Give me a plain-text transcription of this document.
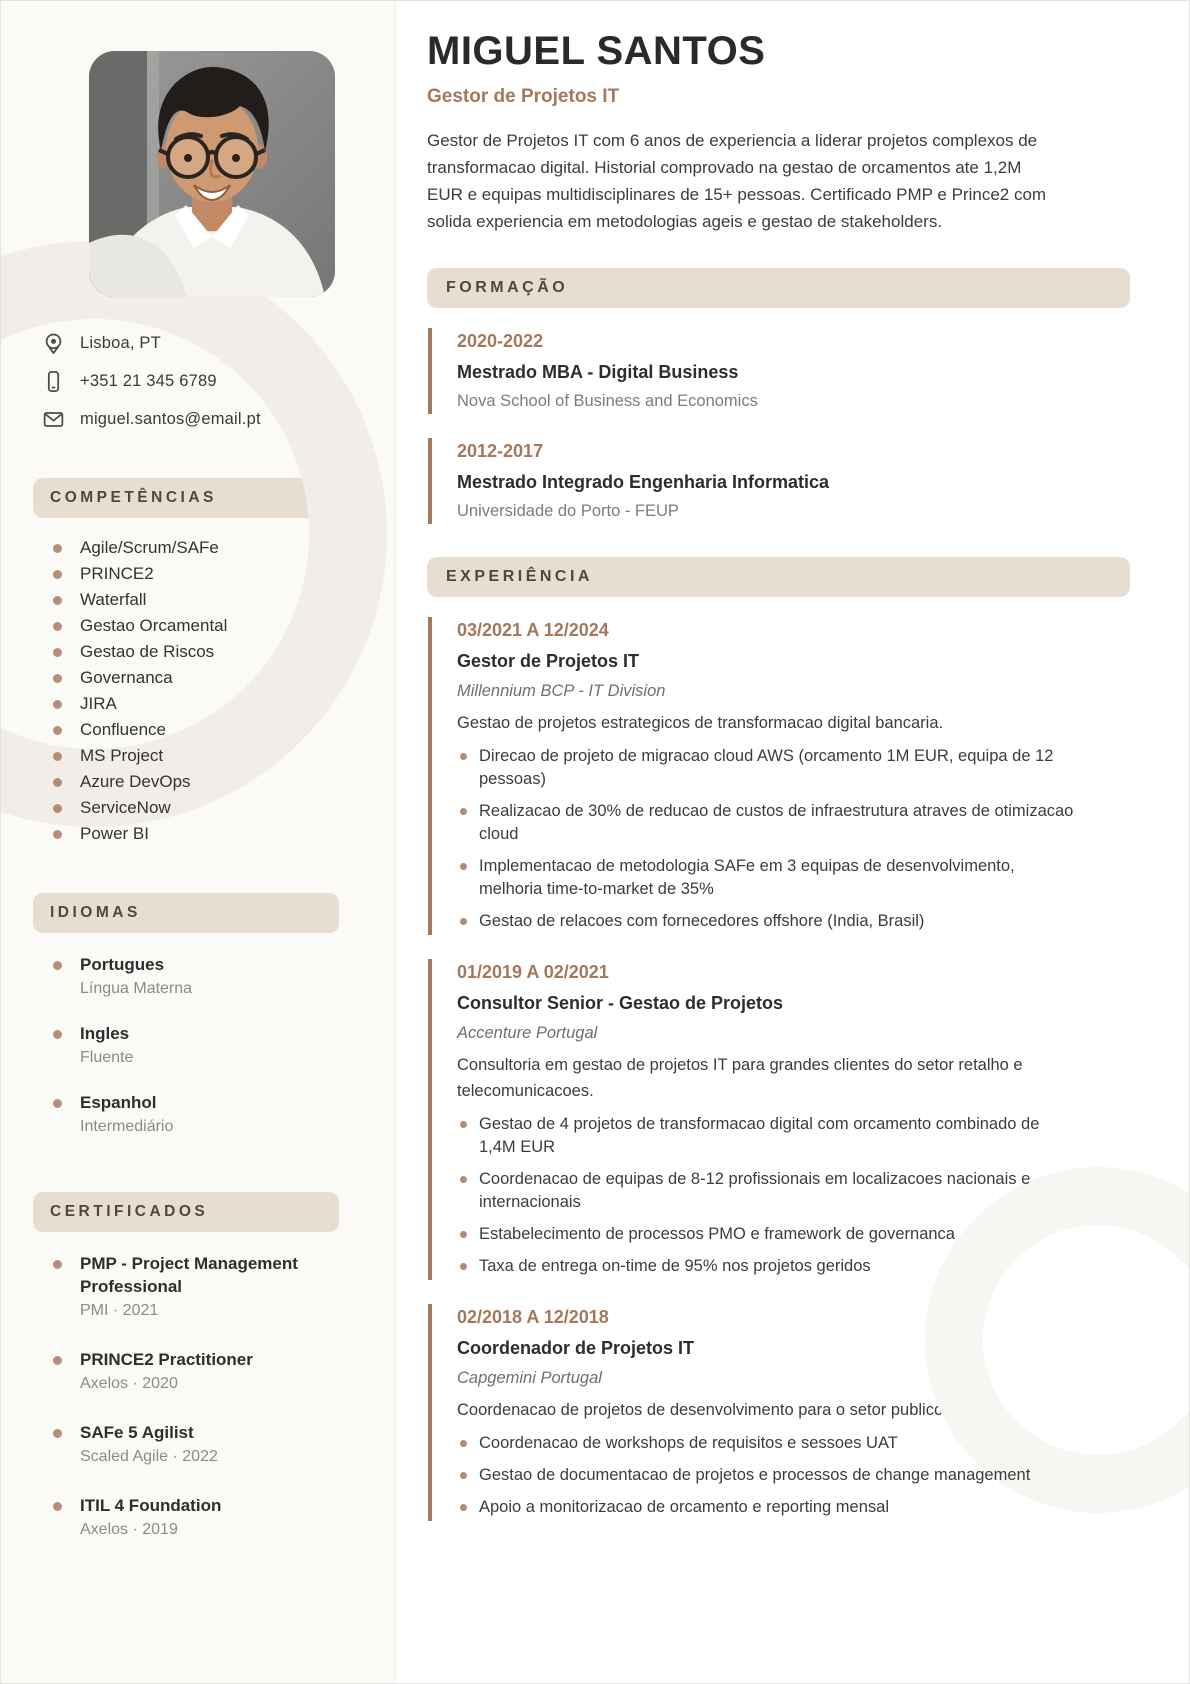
Lisboa, PT
+351 21 345 6789
miguel.santos@email.pt
COMPETÊNCIAS
Agile/Scrum/SAFe
PRINCE2
Waterfall
Gestao Orcamental
Gestao de Riscos
Governanca
JIRA
Confluence
MS Project
Azure DevOps
ServiceNow
Power BI
IDIOMAS
Portugues
Língua Materna
Ingles
Fluente
Espanhol
Intermediário
CERTIFICADOS
PMP - Project Management Professional
PMI · 2021
PRINCE2 Practitioner
Axelos · 2020
SAFe 5 Agilist
Scaled Agile · 2022
ITIL 4 Foundation
Axelos · 2019
MIGUEL SANTOS
Gestor de Projetos IT
Gestor de Projetos IT com 6 anos de experiencia a liderar projetos complexos de transformacao digital. Historial comprovado na gestao de orcamentos ate 1,2M EUR e equipas multidisciplinares de 15+ pessoas. Certificado PMP e Prince2 com solida experiencia em metodologias ageis e gestao de stakeholders.
FORMAÇÃO
2020-2022
Mestrado MBA - Digital Business
Nova School of Business and Economics
2012-2017
Mestrado Integrado Engenharia Informatica
Universidade do Porto - FEUP
EXPERIÊNCIA
03/2021 A 12/2024
Gestor de Projetos IT
Millennium BCP - IT Division
Gestao de projetos estrategicos de transformacao digital bancaria.
Direcao de projeto de migracao cloud AWS (orcamento 1M EUR, equipa de 12 pessoas)
Realizacao de 30% de reducao de custos de infraestrutura atraves de otimizacao cloud
Implementacao de metodologia SAFe em 3 equipas de desenvolvimento, melhoria time-to-market de 35%
Gestao de relacoes com fornecedores offshore (India, Brasil)
01/2019 A 02/2021
Consultor Senior - Gestao de Projetos
Accenture Portugal
Consultoria em gestao de projetos IT para grandes clientes do setor retalho e telecomunicacoes.
Gestao de 4 projetos de transformacao digital com orcamento combinado de 1,4M EUR
Coordenacao de equipas de 8-12 profissionais em localizacoes nacionais e internacionais
Estabelecimento de processos PMO e framework de governanca
Taxa de entrega on-time de 95% nos projetos geridos
02/2018 A 12/2018
Coordenador de Projetos IT
Capgemini Portugal
Coordenacao de projetos de desenvolvimento para o setor publico.
Coordenacao de workshops de requisitos e sessoes UAT
Gestao de documentacao de projetos e processos de change management
Apoio a monitorizacao de orcamento e reporting mensal
